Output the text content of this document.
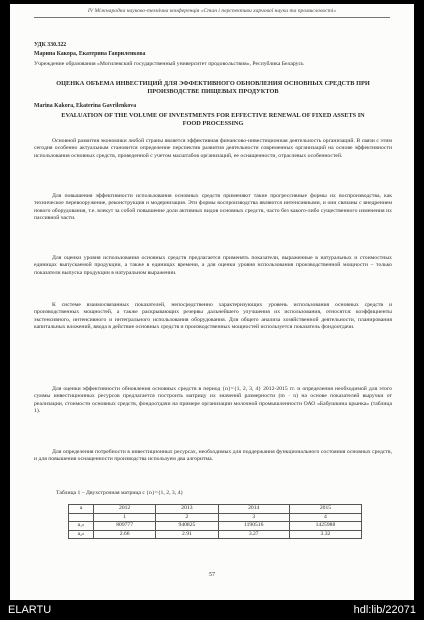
IV Міжнародна науково-технічна конференція «Стан і перспективи харчової науки та промисловості»
УДК 330.322
Марина Какора, Екатерина Гавриленкова
Учреждение образования «Могилевский государственный университет продовольствия», Республика Беларусь
ОЦЕНКА ОБЪЕМА ИНВЕСТИЦИЙ ДЛЯ ЭФФЕКТИВНОГО ОБНОВЛЕНИЯ ОСНОВНЫХ СРЕДСТВ ПРИ ПРОИЗВОДСТВЕ ПИЩЕВЫХ ПРОДУКТОВ
Marina Kakora, Ekaterina Gavrilenkova
EVALUATION OF THE VOLUME OF INVESTMENTS FOR EFFECTIVE RENEWAL OF FIXED ASSETS IN FOOD PROCESSING
Основной развития экономики любой страны является эффективная финансово-инвестиционная деятельность организаций. В связи с этим сегодня особенно актуальным становится определение перспектив развития деятельности современных организаций на основе эффективности использования основных средств, проведенной с учетом масштабов организаций, ее оснащенности, отраслевых особенностей.
Для повышения эффективности использования основных средств применяют такие прогрессивные формы их воспроизводства, как техническое перевооружение, реконструкция и модернизация. Эти формы воспроизводства являются интенсивными, и они связаны с внедрением нового оборудования, т.е. влекут за собой повышение доли активных видов основных средств, часто без какого-либо существенного изменения их пассивной части.
Для оценки уровня использования основных средств предлагается применять показатели, выраженные в натуральных и стоимостных единицах выпускаемой продукции, а также в единицах времени, а для оценки уровня использования производственной мощности – только показатели выпуска продукции в натуральном выражении.
К системе взаимосвязанных показателей, непосредственно характеризующих уровень использования основных средств и производственных мощностей, а также раскрывающих резервы дальнейшего улучшения их использования, относятся: коэффициенты экстенсивного, интенсивного и интегрального использования оборудования. Для общего анализа хозяйственной деятельности, планирования капитальных вложений, ввода в действие основных средств и производственных мощностей используется показатель фондоотдачи.
Для оценки эффективности обновления основных средств в период {n}={1, 2, 3, 4} 2012-2015 гг. и определения необходимой для этого суммы инвестиционных ресурсов предлагается построить матрицу их значений размерности (m · n) на основе показателей выручки от реализации, стоимости основных средств, фондоотдачи на примере организации молочной промышленности ОАО «Бабушкина крынка» (таблица 1).
Для определения потребности в инвестиционных ресурсах, необходимых для поддержания функционального состояния основных средств, и для повышения оснащенности производства используем два алгоритма.
Таблица 1 – Двухстрочная матрица с {n}={1, 2, 3, 4}
а	2012	2013	2014	2015
	1	2	3	4
a₁ₙ	809777	940825	1190516	1425988
a₂ₙ	2.66	2.91	3.27	3.32
57
ELARTU	hdl:lib/22071
